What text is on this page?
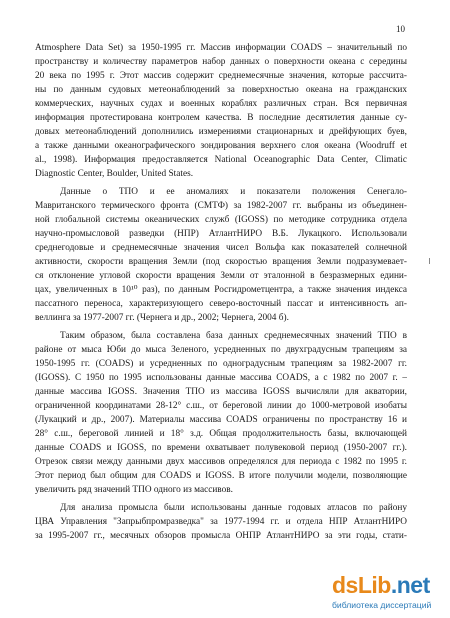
10
Atmosphere Data Set) за 1950-1995 гг. Массив информации COADS – значительный по
пространству и количеству параметров набор данных о поверхности океана с середины
20 века по 1995 г. Этот массив содержит среднемесячные значения, которые рассчита-
ны по данным судовых метеонаблюдений за поверхностью океана на гражданских
коммерческих, научных судах и военных кораблях различных стран. Вся первичная
информация протестирована контролем качества. В последние десятилетия данные су-
довых метеонаблюдений дополнились измерениями стационарных и дрейфующих буев,
а также данными океанографического зондирования верхнего слоя океана (Woodruff et
al., 1998). Информация предоставляется National Oceanographic Data Center, Climatic
Diagnostic Center, Boulder, United States.
Данные о ТПО и ее аномалиях и показатели положения Сенегало-
Мавританского термического фронта (СМТФ) за 1982-2007 гг. выбраны из объединен-
ной глобальной системы океанических служб (IGOSS) по методике сотрудника отдела
научно-промысловой разведки (НПР) АтлантНИРО В.Б. Лукацкого. Использовали
среднегодовые и среднемесячные значения чисел Вольфа как показателей солнечной
активности, скорости вращения Земли (под скоростью вращения Земли подразумевает-
ся отклонение угловой скорости вращения Земли от эталонной в безразмерных едини-
цах, увеличенных в 10¹⁰ раз), по данным Росгидрометцентра, а также значения индекса
пассатного переноса, характеризующего северо-восточный пассат и интенсивность ап-
веллинга за 1977-2007 гг. (Чернега и др., 2002; Чернега, 2004 б).
Таким образом, была составлена база данных среднемесячных значений ТПО в
районе от мыса Юби до мыса Зеленого, усредненных по двухградусным трапециям за
1950-1995 гг. (COADS) и усредненных по одноградусным трапециям за 1982-2007 гг.
(IGOSS). С 1950 по 1995 использованы данные массива COADS, а с 1982 по 2007 г. –
данные массива IGOSS. Значения ТПО из массива IGOSS вычисляли для акватории,
ограниченной координатами 28-12° с.ш., от береговой линии до 1000-метровой изобаты
(Лукацкий и др., 2007). Материалы массива COADS ограничены по пространству 16 и
28° с.ш., береговой линией и 18° з.д. Общая продолжительность базы, включающей
данные COADS и IGOSS, по времени охватывает полувековой период (1950-2007 гг.).
Отрезок связи между данными двух массивов определялся для периода с 1982 по 1995 г.
Этот период был общим для COADS и IGOSS. В итоге получили модели, позволяющие
увеличить ряд значений ТПО одного из массивов.
Для анализа промысла были использованы данные годовых атласов по району
ЦВА Управления "Запрыбпромразведка" за 1977-1994 гг. и отдела НПР АтлантНИРО
за 1995-2007 гг., месячных обзоров промысла ОНПР АтлантНИРО за эти годы, стати-
dsLib.net
библиотека диссертаций
